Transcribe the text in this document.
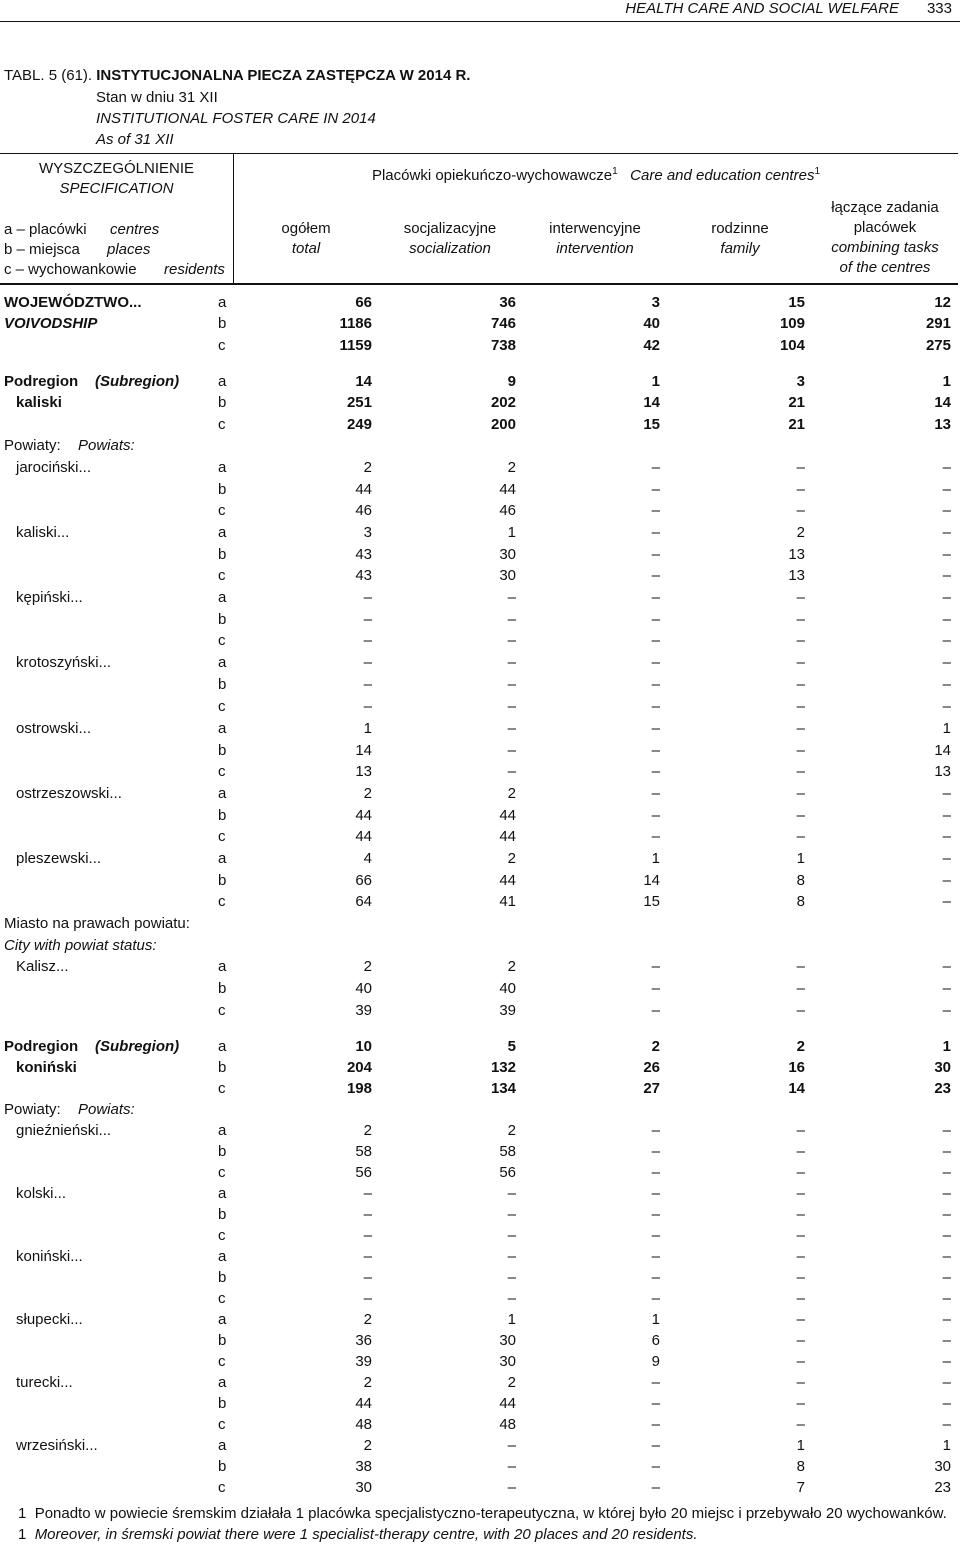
HEALTH CARE AND SOCIAL WELFARE 333
TABL. 5 (61). INSTYTUCJONALNA PIECZA ZASTĘPCZA W 2014 R.
Stan w dniu 31 XII
INSTITUTIONAL FOSTER CARE IN 2014
As of 31 XII
WYSZCZEGÓLNIENIE
SPECIFICATION
a – placówki centres
b – miejsca places
c – wychowankowie residents
Placówki opiekuńczo-wychowawcze$^1$ Care and education centres$^1$
ogółem
total
socjalizacyjne
socialization
interwencyjne
intervention
rodzinne
family
łączące zadania
placówek
combining tasks
of the centres
WOJEWÓDZTWO...	a	66	36	3	15	12
VOIVODSHIP	b	1186	746	40	109	291
c	1159	738	42	104	275
Podregion (Subregion)	a	14	9	1	3	1
kaliski	b	251	202	14	21	14
c	249	200	15	21	13
Powiaty: Powiats:
jarociński...	a	2	2	–	–	–
b	44	44	–	–	–
c	46	46	–	–	–
kaliski...	a	3	1	–	2	–
b	43	30	–	13	–
c	43	30	–	13	–
kępiński...	a	–	–	–	–	–
b	–	–	–	–	–
c	–	–	–	–	–
krotoszyński...	a	–	–	–	–	–
b	–	–	–	–	–
c	–	–	–	–	–
ostrowski...	a	1	–	–	–	1
b	14	–	–	–	14
c	13	–	–	–	13
ostrzeszowski...	a	2	2	–	–	–
b	44	44	–	–	–
c	44	44	–	–	–
pleszewski...	a	4	2	1	1	–
b	66	44	14	8	–
c	64	41	15	8	–
Miasto na prawach powiatu:
City with powiat status:
Kalisz...	a	2	2	–	–	–
b	40	40	–	–	–
c	39	39	–	–	–
Podregion (Subregion)	a	10	5	2	2	1
koniński	b	204	132	26	16	30
c	198	134	27	14	23
Powiaty: Powiats:
gnieźnieński...	a	2	2	–	–	–
b	58	58	–	–	–
c	56	56	–	–	–
kolski...	a	–	–	–	–	–
b	–	–	–	–	–
c	–	–	–	–	–
koniński...	a	–	–	–	–	–
b	–	–	–	–	–
c	–	–	–	–	–
słupecki...	a	2	1	1	–	–
b	36	30	6	–	–
c	39	30	9	–	–
turecki...	a	2	2	–	–	–
b	44	44	–	–	–
c	48	48	–	–	–
wrzesiński...	a	2	–	–	1	1
b	38	–	–	8	30
c	30	–	–	7	23
1 Ponadto w powiecie śremskim działała 1 placówka specjalistyczno-terapeutyczna, w której było 20 miejsc i przebywało 20 wychowanków.
1 Moreover, in śremski powiat there were 1 specialist-therapy centre, with 20 places and 20 residents.
